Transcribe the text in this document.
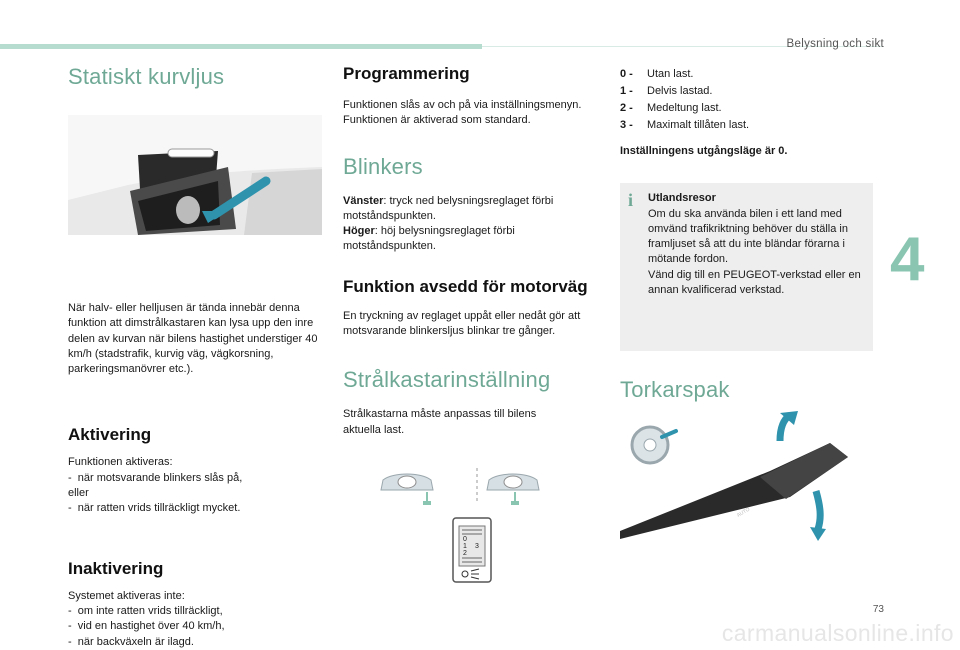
Belysning och sikt
4
73
carmanualsonline.info
Statiskt kurvljus

När halv- eller helljusen är tända innebär denna funktion att dimstrålkastaren kan lysa upp den inre delen av kurvan när bilens hastighet understiger 40 km/h (stadstrafik, kurvig väg, vägkorsning, parkeringsmanövrer etc.).

Aktivering

Funktionen aktiveras:

-  när motsvarande blinkers slås på,

eller

-  när ratten vrids tillräckligt mycket.
Inaktivering

Systemet aktiveras inte:

-  om inte ratten vrids tillräckligt,
-  vid en hastighet över 40 km/h,
-  när backväxeln är ilagd.
Programmering

Funktionen slås av och på via inställningsmenyn.

Funktionen är aktiverad som standard.

Blinkers

Vänster: tryck ned belysningsreglaget förbi motståndspunkten.

Höger: höj belysningsreglaget förbi motståndspunkten.

Funktion avsedd för motorväg

En tryckning av reglaget uppåt eller nedåt gör att motsvarande blinkersljus blinkar tre gånger.

Strålkastarinställning

Strålkastarna måste anpassas till bilens aktuella last.

0
1
2
3
0 - Utan last.
1 - Delvis lastad.
2 - Medeltung last.
3 - Maximalt tillåten last.

Inställningens utgångsläge är 0.

i Utlandsresor
Om du ska använda bilen i ett land med omvänd trafikriktning behöver du ställa in framljuset så att du inte bländar förarna i mötande fordon.
Vänd dig till en PEUGEOT-verkstad eller en annan kvalificerad verkstad.
Torkarspak
AUTO
